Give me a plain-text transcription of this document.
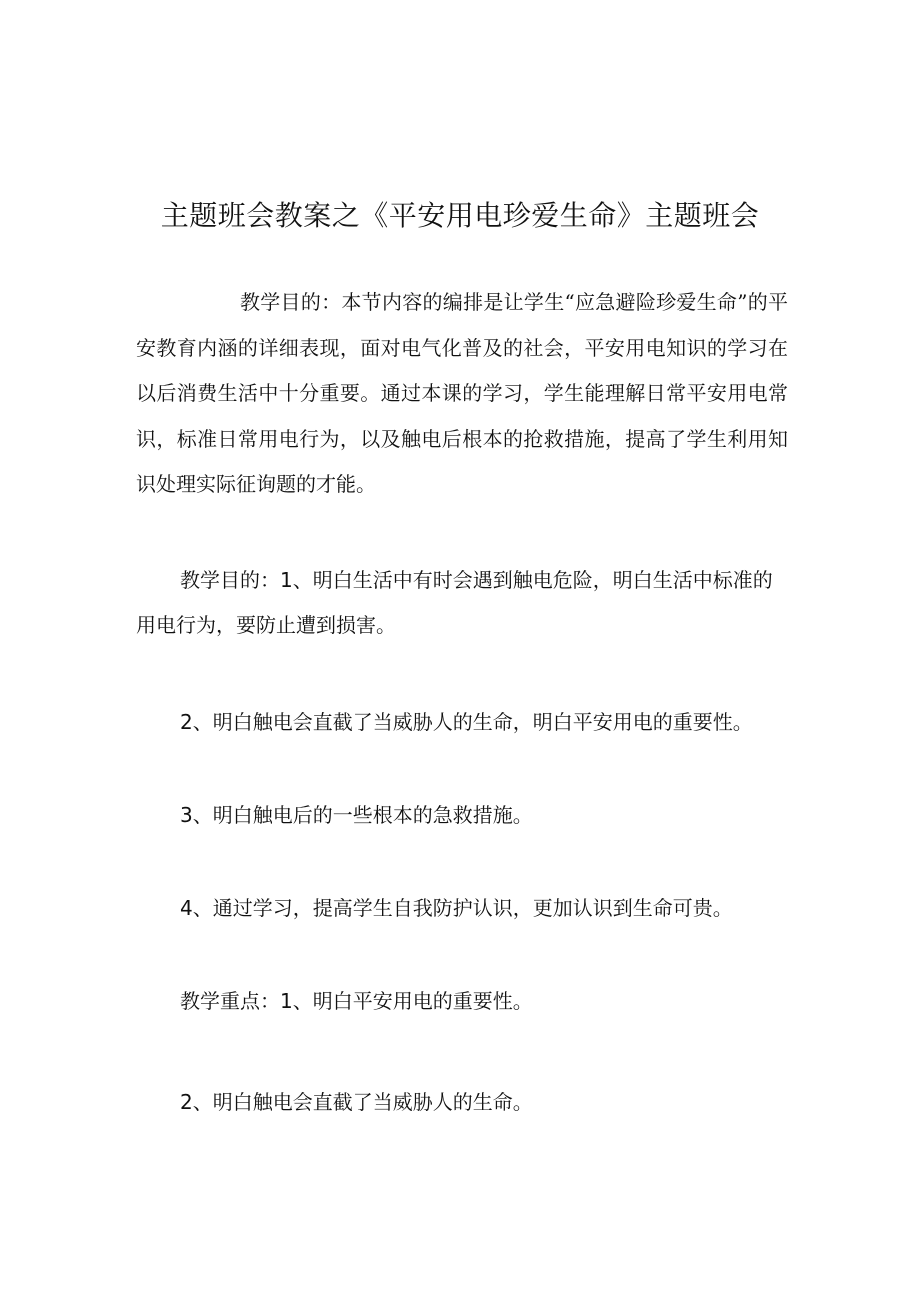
主题班会教案之《平安用电珍爱生命》主题班会
教学目的：本节内容的编排是让学生“应急避险珍爱生命”的平安教育内涵的详细表现，面对电气化普及的社会，平安用电知识的学习在以后消费生活中十分重要。通过本课的学习，学生能理解日常平安用电常识，标准日常用电行为，以及触电后根本的抢救措施，提高了学生利用知识处理实际征询题的才能。
教学目的：1、明白生活中有时会遇到触电危险，明白生活中标准的用电行为，要防止遭到损害。
2、明白触电会直截了当威胁人的生命，明白平安用电的重要性。
3、明白触电后的一些根本的急救措施。
4、通过学习，提高学生自我防护认识，更加认识到生命可贵。
教学重点：1、明白平安用电的重要性。
2、明白触电会直截了当威胁人的生命。
